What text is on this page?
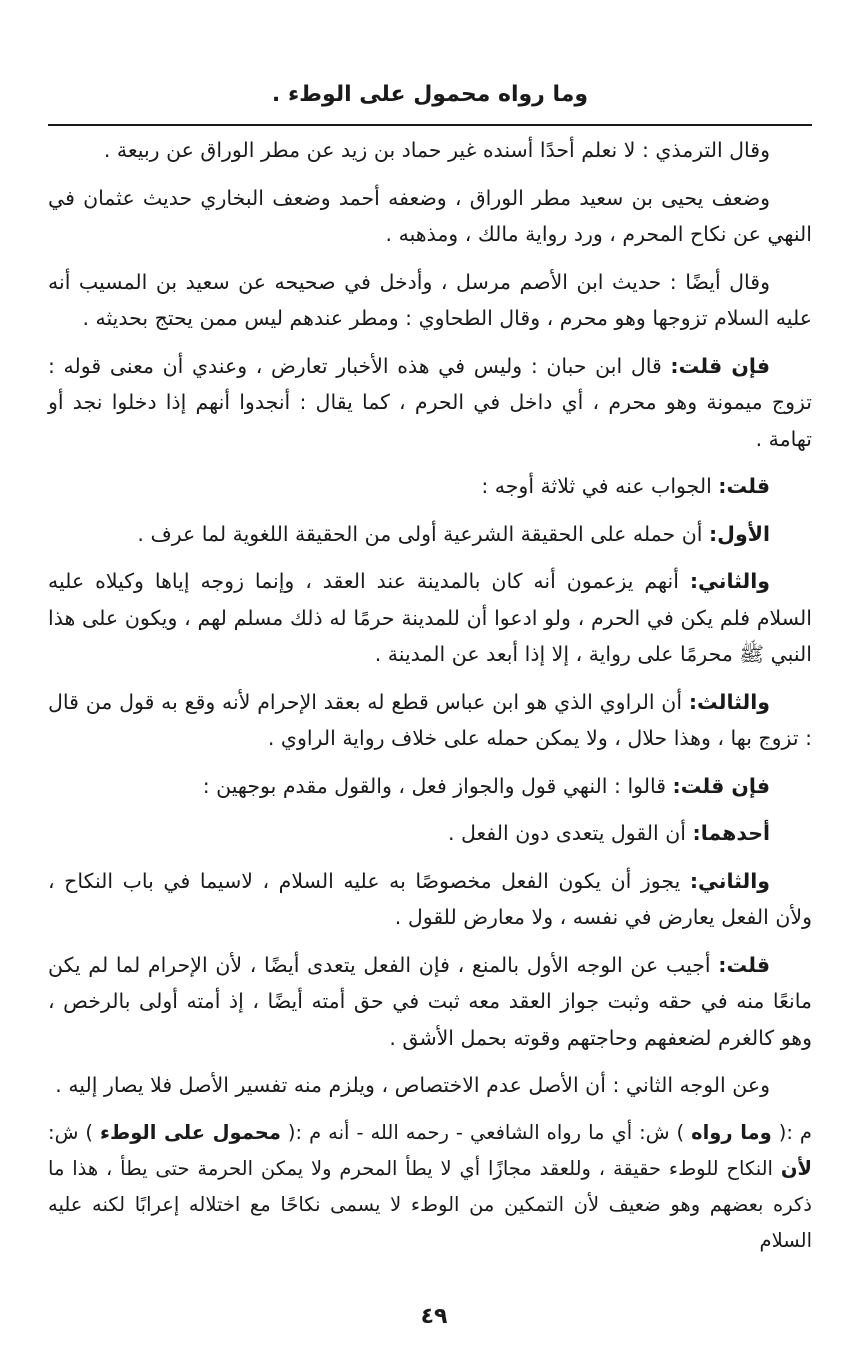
وما رواه محمول على الوطء .

وقال الترمذي : لا نعلم أحدًا أسنده غير حماد بن زيد عن مطر الوراق عن ربيعة .

وضعف يحيى بن سعيد مطر الوراق ، وضعفه أحمد وضعف البخاري حديث عثمان في النهي عن نكاح المحرم ، ورد رواية مالك ، ومذهبه .

وقال أيضًا : حديث ابن الأصم مرسل ، وأدخل في صحيحه عن سعيد بن المسيب أنه عليه السلام تزوجها وهو محرم ، وقال الطحاوي : ومطر عندهم ليس ممن يحتج بحديثه .

فإن قلت: قال ابن حبان : وليس في هذه الأخبار تعارض ، وعندي أن معنى قوله : تزوج ميمونة وهو محرم ، أي داخل في الحرم ، كما يقال : أنجدوا أنهم إذا دخلوا نجد أو تهامة .

قلت: الجواب عنه في ثلاثة أوجه :

الأول: أن حمله على الحقيقة الشرعية أولى من الحقيقة اللغوية لما عرف .

والثاني: أنهم يزعمون أنه كان بالمدينة عند العقد ، وإنما زوجه إياها وكيلاه عليه السلام فلم يكن في الحرم ، ولو ادعوا أن للمدينة حرمًا له ذلك مسلم لهم ، ويكون على هذا النبي ﷺ محرمًا على رواية ، إلا إذا أبعد عن المدينة .

والثالث: أن الراوي الذي هو ابن عباس قطع له بعقد الإحرام لأنه وقع به قول من قال : تزوج بها ، وهذا حلال ، ولا يمكن حمله على خلاف رواية الراوي .

فإن قلت: قالوا : النهي قول والجواز فعل ، والقول مقدم بوجهين :

أحدهما: أن القول يتعدى دون الفعل .

والثاني: يجوز أن يكون الفعل مخصوصًا به عليه السلام ، لاسيما في باب النكاح ، ولأن الفعل يعارض في نفسه ، ولا معارض للقول .

قلت: أجيب عن الوجه الأول بالمنع ، فإن الفعل يتعدى أيضًا ، لأن الإحرام لما لم يكن مانعًا منه في حقه وثبت جواز العقد معه ثبت في حق أمته أيضًا ، إذ أمته أولى بالرخص ، وهو كالغرم لضعفهم وحاجتهم وقوته بحمل الأشق .

وعن الوجه الثاني : أن الأصل عدم الاختصاص ، ويلزم منه تفسير الأصل فلا يصار إليه .

م :( وما رواه ) ش: أي ما رواه الشافعي - رحمه الله - أنه م :( محمول على الوطء ) ش: لأن النكاح للوطء حقيقة ، وللعقد مجازًا أي لا يطأ المحرم ولا يمكن الحرمة حتى يطأ ، هذا ما ذكره بعضهم وهو ضعيف لأن التمكين من الوطء لا يسمى نكاحًا مع اختلاله إعرابًا لكنه عليه السلام
٤٩
